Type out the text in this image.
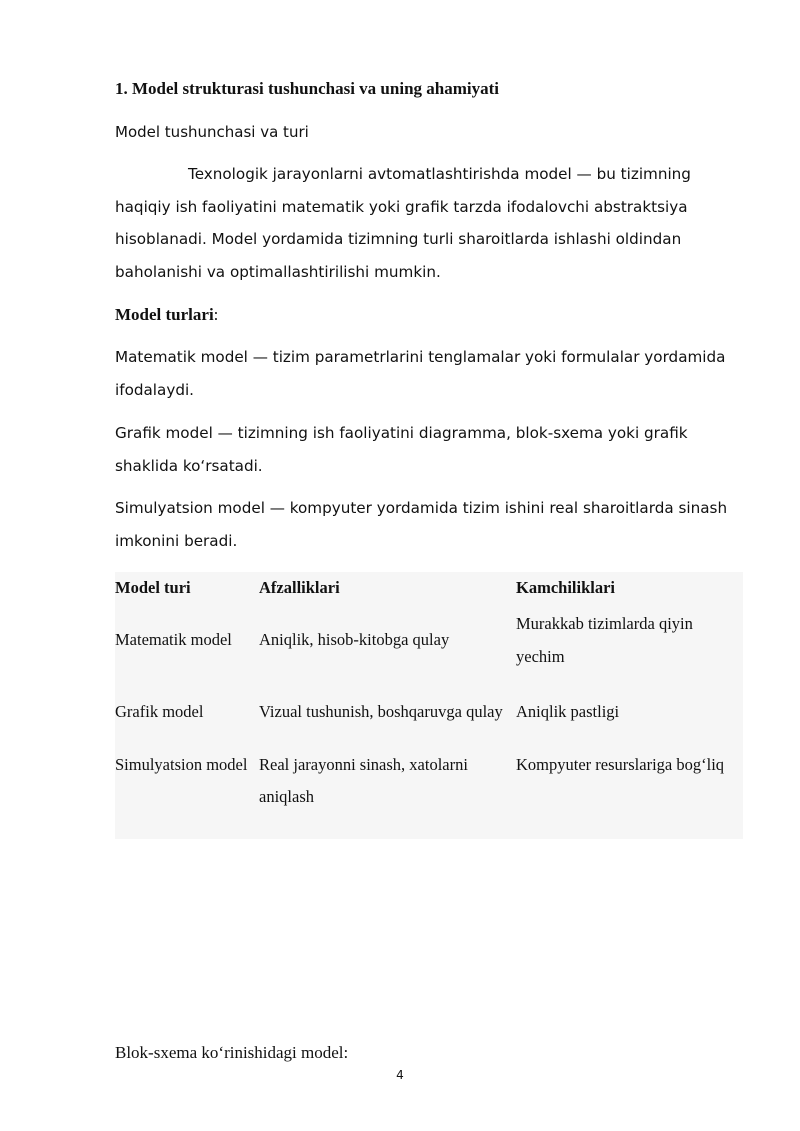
1. Model strukturasi tushunchasi va uning ahamiyati
Model tushunchasi va turi

Texnologik jarayonlarni avtomatlashtirishda model — bu tizimning haqiqiy ish faoliyatini matematik yoki grafik tarzda ifodalovchi abstraktsiya hisoblanadi. Model yordamida tizimning turli sharoitlarda ishlashi oldindan baholanishi va optimallashtirilishi mumkin.

Model turlari:

Matematik model — tizim parametrlarini tenglamalar yoki formulalar yordamida ifodalaydi.

Grafik model — tizimning ish faoliyatini diagramma, blok-sxema yoki grafik shaklida ko‘rsatadi.

Simulyatsion model — kompyuter yordamida tizim ishini real sharoitlarda sinash imkonini beradi.

Model turi	Afzalliklari	Kamchiliklari
Matematik model	Aniqlik, hisob-kitobga qulay	Murakkab tizimlarda qiyin yechim
Grafik model	Vizual tushunish, boshqaruvga qulay	Aniqlik pastligi
Simulyatsion model	Real jarayonni sinash, xatolarni aniqlash	Kompyuter resurslariga bog‘liq
Blok-sxema ko‘rinishidagi model:
4
